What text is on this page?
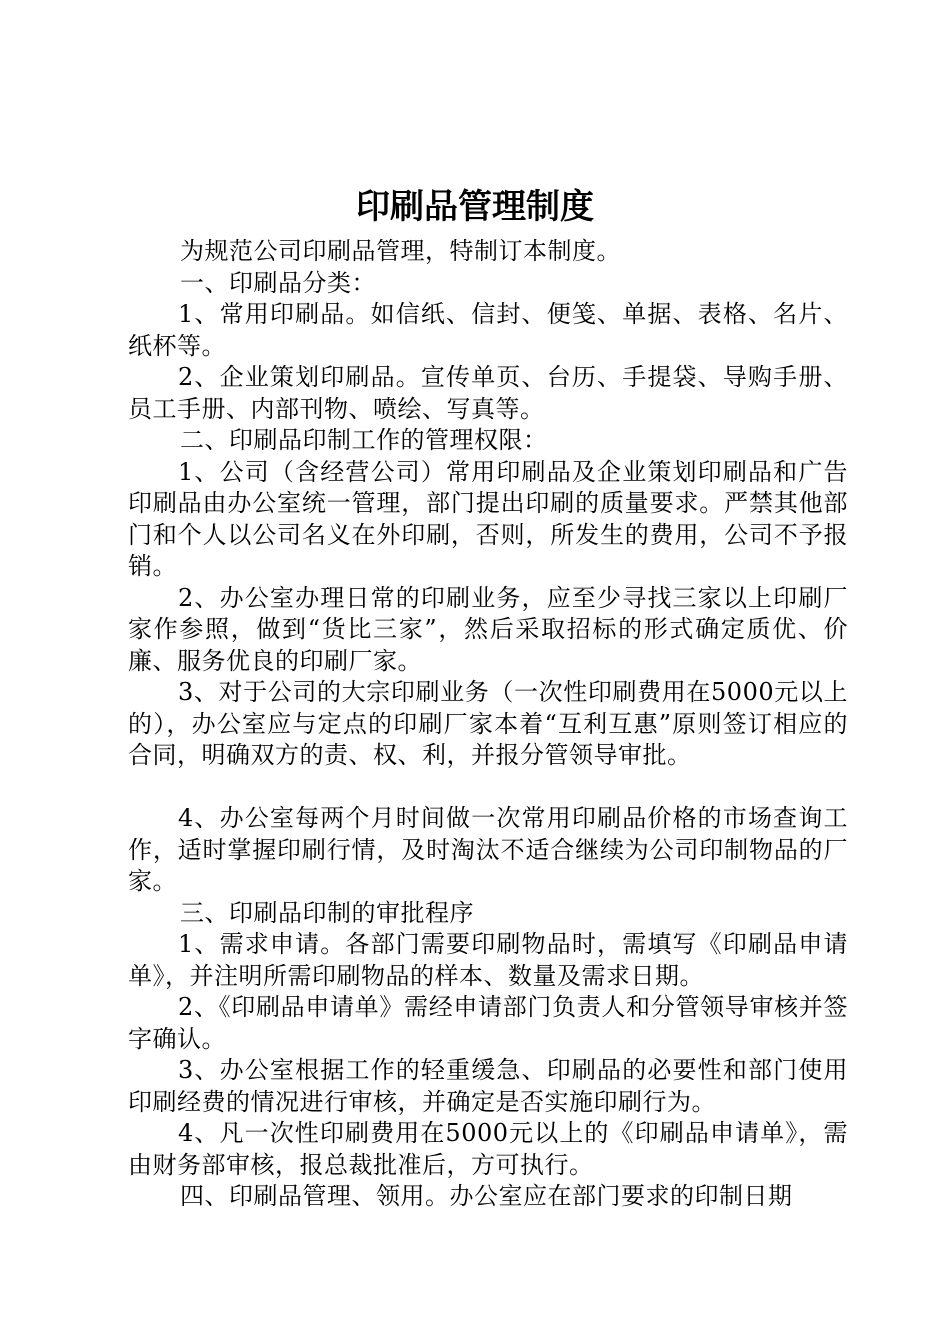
印刷品管理制度

为规范公司印刷品管理，特制订本制度。

一、印刷品分类：

1、常用印刷品。如信纸、信封、便笺、单据、表格、名片、纸杯等。

2、企业策划印刷品。宣传单页、台历、手提袋、导购手册、员工手册、内部刊物、喷绘、写真等。

二、印刷品印制工作的管理权限：

1、公司（含经营公司）常用印刷品及企业策划印刷品和广告印刷品由办公室统一管理，部门提出印刷的质量要求。严禁其他部门和个人以公司名义在外印刷，否则，所发生的费用，公司不予报销。

2、办公室办理日常的印刷业务，应至少寻找三家以上印刷厂家作参照，做到“货比三家”，然后采取招标的形式确定质优、价廉、服务优良的印刷厂家。

3、对于公司的大宗印刷业务（一次性印刷费用在5000元以上的），办公室应与定点的印刷厂家本着“互利互惠”原则签订相应的合同，明确双方的责、权、利，并报分管领导审批。

4、办公室每两个月时间做一次常用印刷品价格的市场查询工作，适时掌握印刷行情，及时淘汰不适合继续为公司印制物品的厂家。

三、印刷品印制的审批程序

1、需求申请。各部门需要印刷物品时，需填写《印刷品申请单》，并注明所需印刷物品的样本、数量及需求日期。

2、《印刷品申请单》需经申请部门负责人和分管领导审核并签字确认。

3、办公室根据工作的轻重缓急、印刷品的必要性和部门使用印刷经费的情况进行审核，并确定是否实施印刷行为。

4、凡一次性印刷费用在5000元以上的《印刷品申请单》，需由财务部审核，报总裁批准后，方可执行。

四、印刷品管理、领用。办公室应在部门要求的印制日期
